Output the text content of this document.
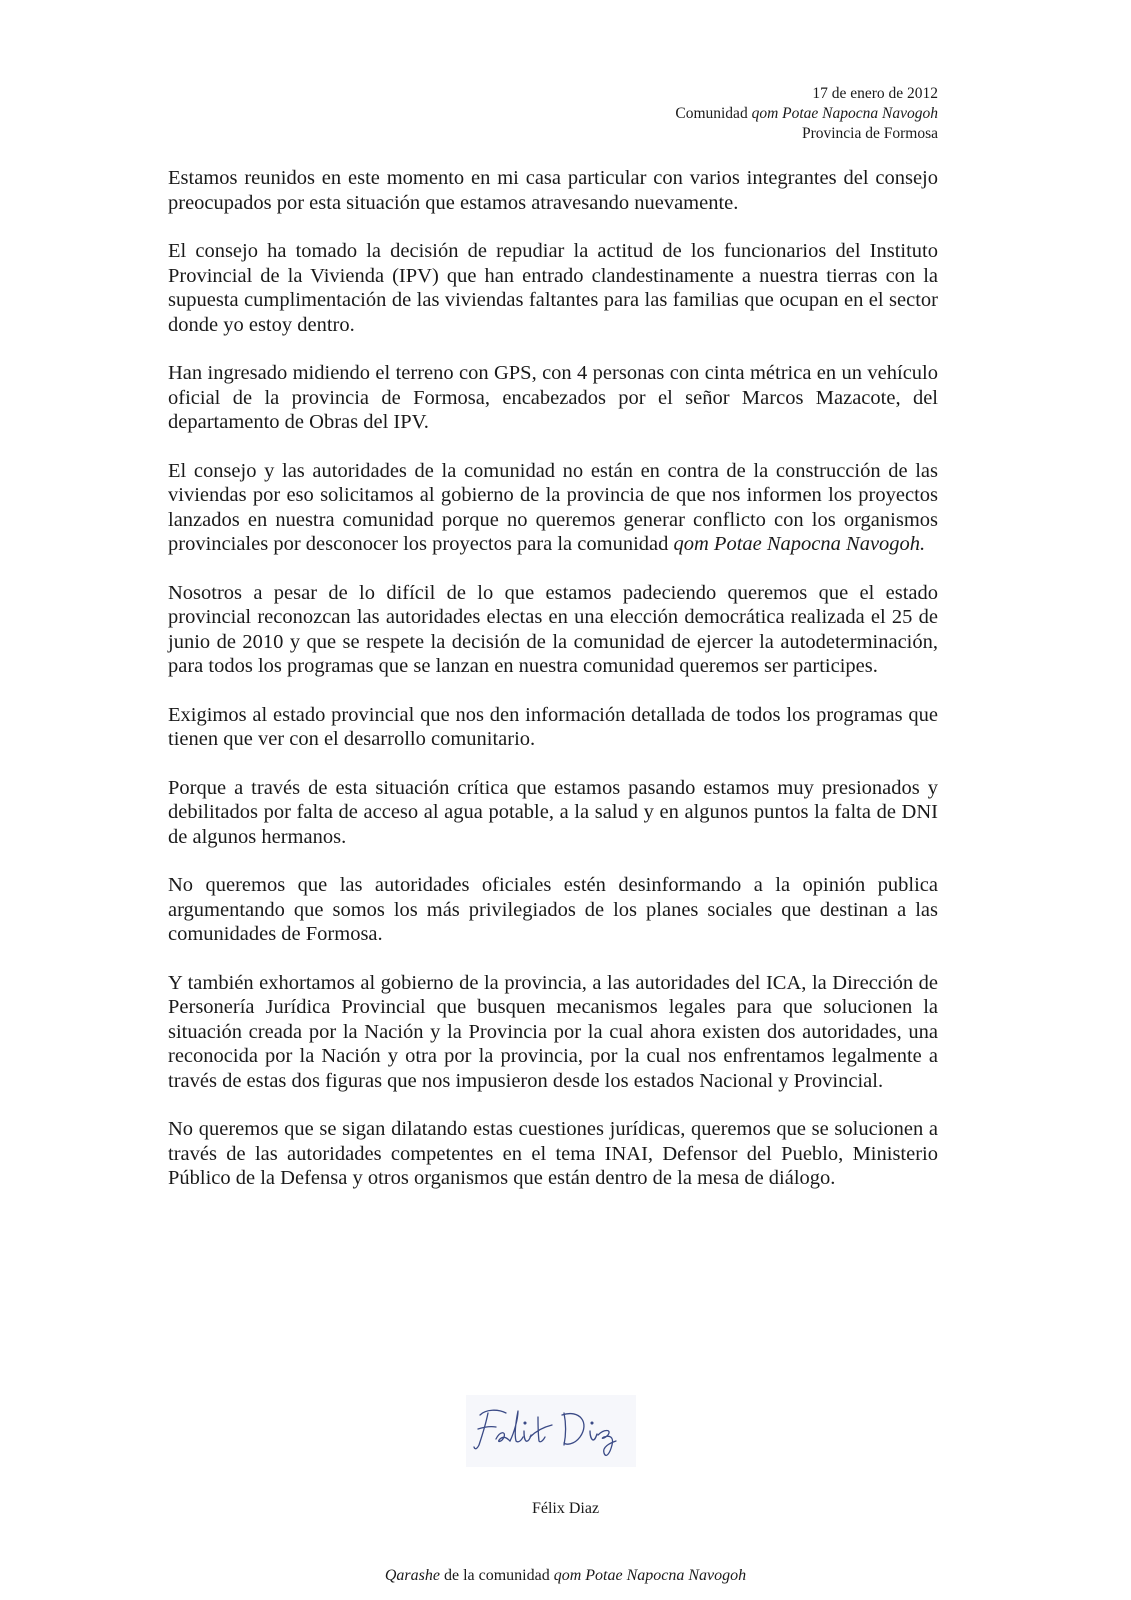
17 de enero de 2012
Comunidad qom Potae Napocna Navogoh
Provincia de Formosa

Estamos reunidos en este momento en mi casa particular con varios integrantes del consejo preocupados por esta situación que estamos atravesando nuevamente.

El consejo ha tomado la decisión de repudiar la actitud de los funcionarios del Instituto Provincial de la Vivienda (IPV) que han entrado clandestinamente a nuestra tierras con la supuesta cumplimentación de las viviendas faltantes para las familias que ocupan en el sector donde yo estoy dentro.

Han ingresado midiendo el terreno con GPS, con 4 personas con cinta métrica en un vehículo oficial de la provincia de Formosa, encabezados por el señor Marcos Mazacote, del departamento de Obras del IPV.

El consejo y las autoridades de la comunidad no están en contra de la construcción de las viviendas por eso solicitamos al gobierno de la provincia de que nos informen los proyectos lanzados en nuestra comunidad porque no queremos generar conflicto con los organismos provinciales por desconocer los proyectos para la comunidad qom Potae Napocna Navogoh.

Nosotros a pesar de lo difícil de lo que estamos padeciendo queremos que el estado provincial reconozcan las autoridades electas en una elección democrática realizada el 25 de junio de 2010 y que se respete la decisión de la comunidad de ejercer la autodeterminación, para todos los programas que se lanzan en nuestra comunidad queremos ser participes.

Exigimos al estado provincial que nos den información detallada de todos los programas que tienen que ver con el desarrollo comunitario.

Porque a través de esta situación crítica que estamos pasando estamos muy presionados y debilitados por falta de acceso al agua potable, a la salud y en algunos puntos la falta de DNI de algunos hermanos.

No queremos que las autoridades oficiales estén desinformando a la opinión publica argumentando que somos los más privilegiados de los planes sociales que destinan a las comunidades de Formosa.

Y también exhortamos al gobierno de la provincia, a las autoridades del ICA, la Dirección de Personería Jurídica Provincial que busquen mecanismos legales para que solucionen la situación creada por la Nación y la Provincia por la cual ahora existen dos autoridades, una reconocida por la Nación y otra por la provincia, por la cual nos enfrentamos legalmente a través de estas dos figuras que nos impusieron desde los estados Nacional y Provincial.

No queremos que se sigan dilatando estas cuestiones jurídicas, queremos que se solucionen a través de las autoridades competentes en el tema INAI, Defensor del Pueblo, Ministerio Público de la Defensa y otros organismos que están dentro de la mesa de diálogo.

Félix Diaz
Qarashe de la comunidad qom Potae Napocna Navogoh
